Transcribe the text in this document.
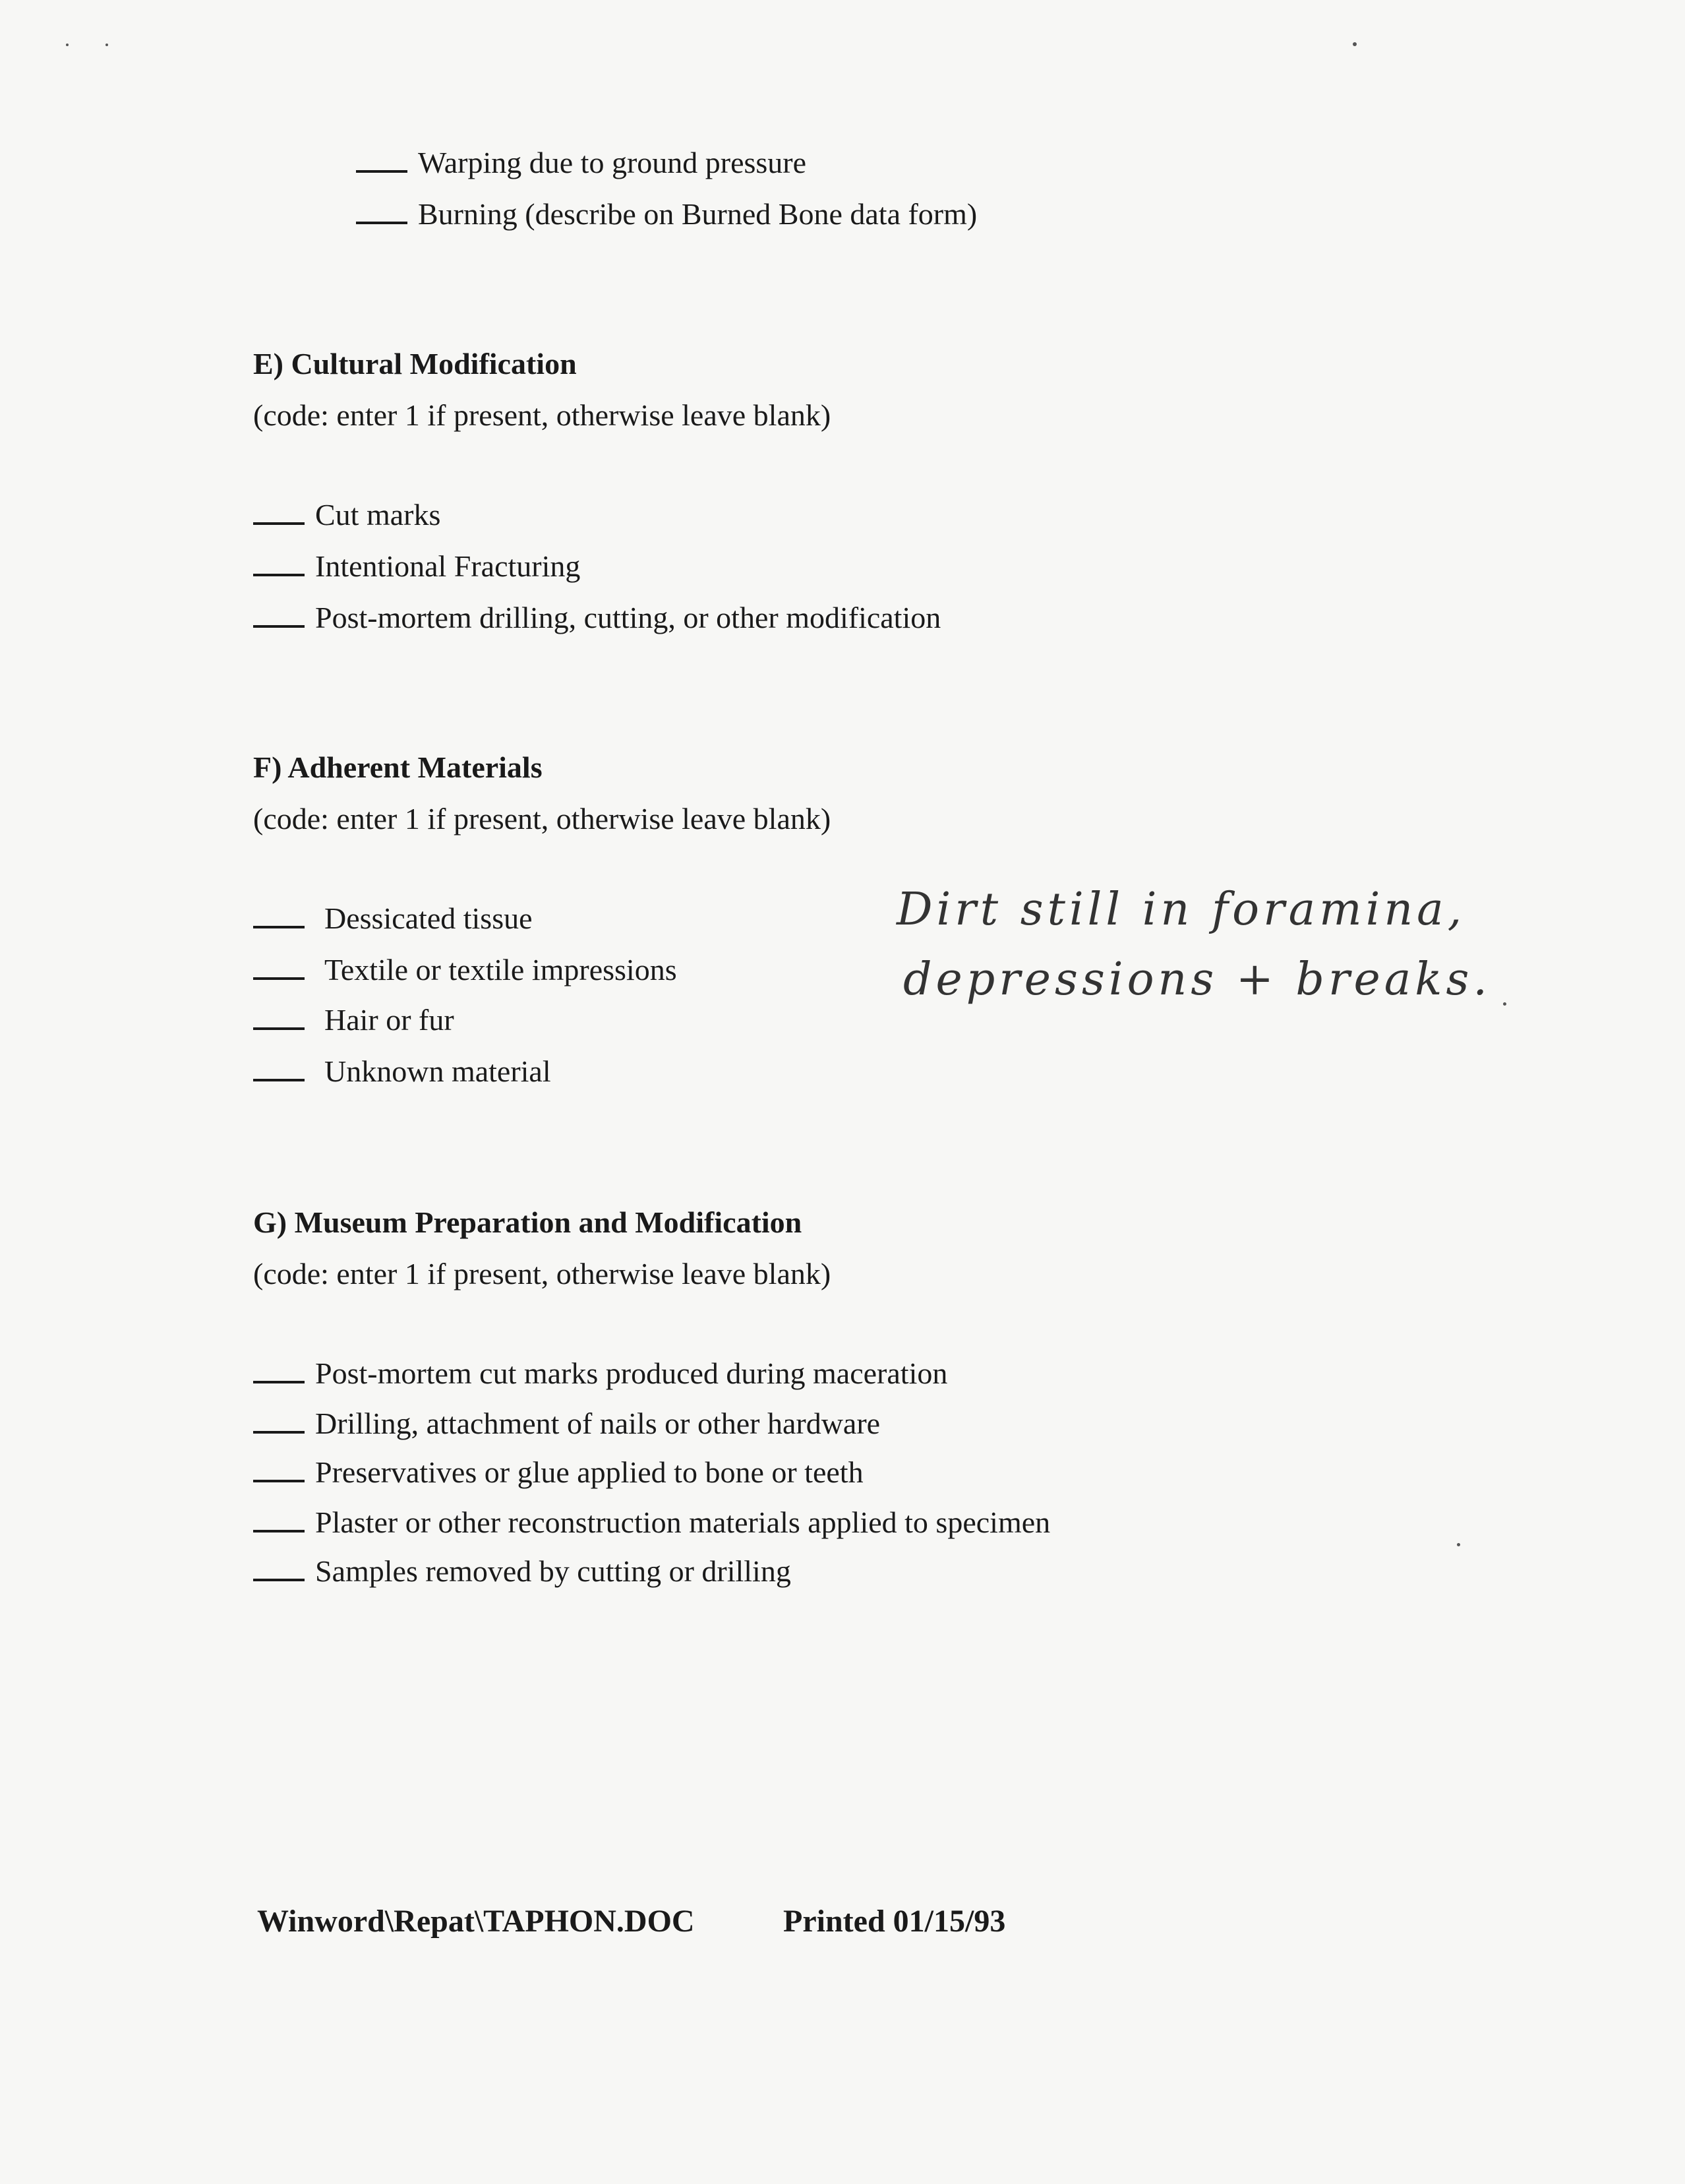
Warping due to ground pressure
Burning (describe on Burned Bone data form)
E) Cultural Modification
(code: enter 1 if present, otherwise leave blank)
Cut marks
Intentional Fracturing
Post-mortem drilling, cutting, or other modification
F) Adherent Materials
(code: enter 1 if present, otherwise leave blank)
Dessicated tissue
Textile or textile impressions
Hair or fur
Unknown material
Dirt still in foramina,
depressions + breaks.
G) Museum Preparation and Modification
(code: enter 1 if present, otherwise leave blank)
Post-mortem cut marks produced during maceration
Drilling, attachment of nails or other hardware
Preservatives or glue applied to bone or teeth
Plaster or other reconstruction materials applied to specimen
Samples removed by cutting or drilling
Winword\Repat\TAPHON.DOC	Printed 01/15/93
